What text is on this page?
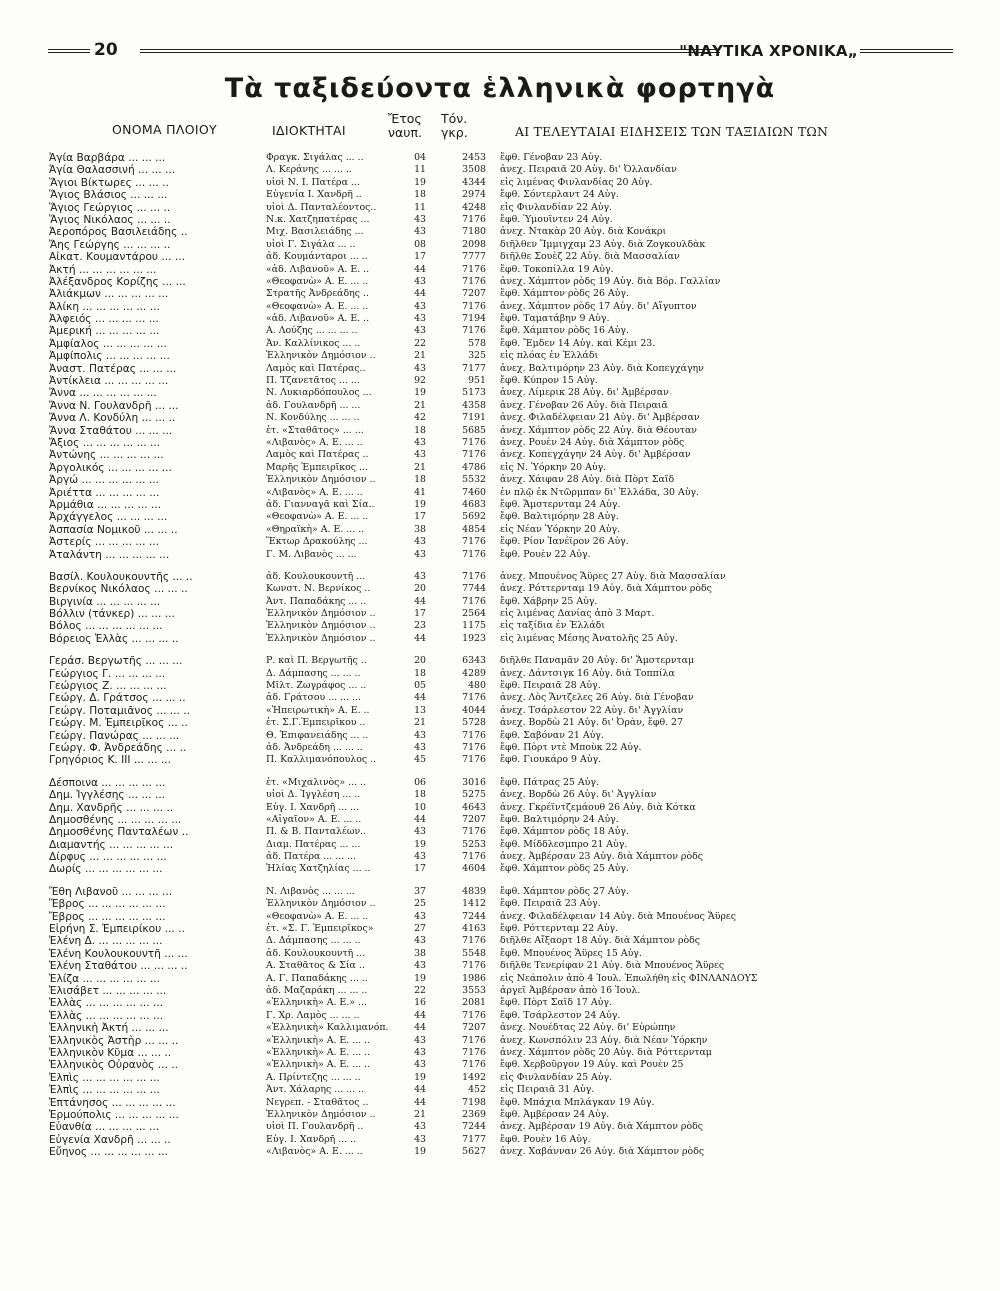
20	"ΝΑΥΤΙΚΑ ΧΡΟΝΙΚΑ„
Τὰ ταξιδεύοντα ἑλληνικὰ φορτηγὰ
ΟΝΟΜΑ ΠΛΟΙΟΥ	ΙΔΙΟΚΤΗΤΑΙ
Ἔτος
ναυπ.
Τόν.
γκρ.	ΑΙ ΤΕΛΕΥΤΑΙΑΙ ΕΙΔΗΣΕΙΣ ΤΩΝ ΤΑΞΙΔΙΩΝ ΤΩΝ
Ἁγία Βαρβάρα ... ... ...	Φραγκ. Σιγάλας ... ..	04	2453 ἔφθ. Γένοβαν 23 Αὐγ.
Ἁγία Θαλασσινή ... ... ...	Λ. Κεράνης ... ... ..	11	3508 ἀνεχ. Πειραιᾶ 20 Αὐγ. δι' Ὀλλανδίαν
Ἅγιοι Βίκτωρες ... ... ..	υἱοὶ Ν. Ι. Πατέρα ...	19	4344 εἰς λιμένας Φινλανδίας 20 Αὐγ.
Ἅγιος Βλάσιος ... ... ...	Εὐγενία Ι. Χανδρῆ ..	18	2974 ἔφθ. Σόντερλαντ 24 Αὐγ.
Ἅγιος Γεώργιος ... ... ..	υἱοὶ Δ. Πανταλέοντος..	11	4248 εἰς Φινλανδίαν 22 Αὐγ.
Ἅγιος Νικόλαος ... ... ..	Ν.κ. Χατζηπατέρας ...	43	7176 ἔφθ. Ὑμουΐντεν 24 Αὐγ.
Ἀεροπόρος Βασιλειάδης ..	Μιχ. Βασιλειάδης ...	43	7180 ἀνεχ. Ντακὰρ 20 Αὐγ. διὰ Κονάκρι
Ἄης Γεώργης ... ... ... ..	υἱοὶ Γ. Σιγάλα ... ..	08	2098 διῆλθεν Ἴμμιγχαμ 23 Αὐγ. διὰ Ζογκουλδὰκ
Αἰκατ. Κουμαντάρου ... ...	ἀδ. Κουμάνταροι ... ..	17	7777 διῆλθε Σουὲζ 22 Αὐγ. διὰ Μασσαλίαν
Ἀκτή ... ... ... ... ... ...	«ἀδ. Λιβανοῦ» Α. Ε. ..	44	7176 ἔφθ. Τοκοπίλλα 19 Αὐγ.
Ἀλέξανδρος Κορίζης ... ...	«Θεοφανὼ» Α. Ε. ... ..	43	7176 ἀνεχ. Χάμπτον ρὸδς 19 Αὐγ. διὰ Βόρ. Γαλλίαν
Ἀλιάκμων ... ... ... ... ...	Στρατῆς Ἀνδρεάδης ..	44	7207 ἔφθ. Χάμπτον ρὸδς 26 Αὐγ.
Ἀλίκη ... ... ... ... ... ...	«Θεοφανὼ» Α. Ε. ... ..	43	7176 ἀνεχ. Χάμπτον ρὸδς 17 Αὐγ. δι' Αἴγυπτον
Ἀλφειός ... ... ... ... ...	«ἀδ. Λιβανοῦ» Α. Ε. ..	43	7194 ἔφθ. Ταματάβην 9 Αὐγ.
Ἀμερική ... ... ... ... ...	Α. Λούζης ... ... ... ..	43	7176 ἔφθ. Χάμπτον ρὸδς 16 Αὐγ.
Ἀμφίαλος ... ... ... ... ...	Ἀν. Καλλίνικος ... ..	22	578 ἔφθ. Ἔμδεν 14 Αὐγ. καὶ Κέμι 23.
Ἀμφίπολις ... ... ... ... ...	Ἑλληνικὸν Δημόσιον ..	21	325 εἰς πλόας ἐν Ἑλλάδι
Ἀναστ. Πατέρας ... ... ...	Λαμὸς καὶ Πατέρας..	43	7177 ἀνεχ. Βαλτιμόρην 23 Αὐγ. διὰ Κοπεγχάγην
Ἀντίκλεια ... ... ... ... ...	Π. Τζανετᾶτος ... ...	92	951 ἔφθ. Κύπρον 15 Αὐγ.
Ἄννα ... ... ... ... ... ...	Ν. Λυκιαρδόπουλος ...	19	5173 ἀνεχ. Λίμερικ 28 Αὐγ. δι' Ἀμβέρσαν
Ἄννα Ν. Γουλανδρῆ ... ...	ἀδ. Γουλανδρῆ ... ...	21	4358 ἀνεχ. Γένοβαν 26 Αὐγ. διὰ Πειραιᾶ
Ἄννα Λ. Κονδύλη ... ... ..	Ν. Κονδύλης ... ... ..	42	7191 ἀνεχ. Φιλαδέλφειαν 21 Αὐγ. δι' Ἀμβέρσαν
Ἄννα Σταθάτου ... ... ...	ἑτ. «Σταθᾶτος» ... ...	18	5685 ἀνεχ. Χάμπτον ρὸδς 22 Αὐγ. διὰ Θέουταν
Ἄξιος ... ... ... ... ... ...	«Λιβανὸς» Α. Ε. ... ..	43	7176 ἀνεχ. Ρουὲν 24 Αὐγ. διὰ Χάμπτον ρὸδς
Ἀντώνης ... ... ... ... ...	Λαμὸς καὶ Πατέρας ..	43	7176 ἀνεχ. Κοπεγχάγην 24 Αὐγ. δι' Ἀμβέρσαν
Ἀργολικός ... ... ... ... ...	Μαρῆς Ἐμπειρῖκος ...	21	4786 εἰς Ν. Ὑόρκην 20 Αὐγ.
Ἀργώ ... ... ... ... ... ...	Ἑλληνικὸν Δημόσιον ..	18	5532 ἀνεχ. Χάιφαν 28 Αὐγ. διὰ Πὸρτ Σαΐδ
Ἀριέττα ... ... ... ... ...	«Λιβανὸς» Α. Ε. ... ..	41	7460 ἐν πλῷ ἐκ Ντῶρμπαν δι' Ἑλλάδα, 30 Αὐγ.
Ἀρμάθια ... ... ... ... ...	ἀδ. Γιανναγᾶ καὶ Σία..	19	4683 ἔφθ. Ἄμστερνταμ 24 Αὐγ.
Ἀρχάγγελος ... ... ... ...	«Θεοφανὼ» Α. Ε. ... ..	17	5692 ἔφθ. Βαλτιμόρην 28 Αὐγ.
Ἀσπασία Νομικοῦ ... ... ..	«Θηραϊκὴ» Α. Ε. ... ..	38	4854 εἰς Νέαν Ὑόρκην 20 Αὐγ.
Ἀστερίς ... ... ... ... ...	Ἕκτωρ Δρακούλης ...	43	7176 ἔφθ. Ρίον Ἰανέϊρον 26 Αὐγ.
Ἀταλάντη ... ... ... ... ...	Γ. Μ. Λιβανὸς ... ...	43	7176 ἔφθ. Ρουὲν 22 Αὐγ.
Βασίλ. Κουλουκουντῆς ... ..	ἀδ. Κουλουκουντῆ ...	43	7176 ἀνεχ. Μπουένος Ἄϋρες 27 Αὐγ. διὰ Μασσαλίαν
Βερνίκος Νικόλαος ... ... ..	Κωνστ. Ν. Βερνίκος ..	20	7744 ἀνεχ. Ρόττερνταμ 19 Αὐγ. διὰ Χάμπτον ρὸδς
Βιργινία ... ... ... ... ...	Ἀντ. Παπαδάκης ... ..	44	7176 ἔφθ. Χάβρην 25 Αὐγ.
Βόλλιν (τάνκερ) ... ... ...	Ἑλληνικὸν Δημόσιον ..	17	2564 εἰς λιμένας Δανίας ἀπὸ 3 Μαρτ.
Βόλος ... ... ... ... ... ...	Ἑλληνικὸν Δημόσιον ..	23	1175 εἰς ταξίδια ἐν Ἑλλάδι
Βόρειος Ἑλλὰς ... ... ... ..	Ἑλληνικὸν Δημόσιον ..	44	1923 εἰς λιμένας Μέσης Ἀνατολῆς 25 Αὐγ.
Γεράσ. Βεργωτῆς ... ... ...	Ρ. καὶ Π. Βεργωτῆς ..	20	6343 διῆλθε Παναμᾶν 20 Αὐγ. δι' Ἄμστερνταμ
Γεώργιος Γ. ... ... ... ...	Δ. Δάμπασης ... ... ..	18	4289 ἀνεχ. Δάντσιγκ 16 Αὐγ. διὰ Τοππίλα
Γεώργιος Ζ. ... ... ... ...	Μῖλτ. Ζωγράφος ... ..	05	480 ἔφθ. Πειραιᾶ 28 Αὐγ.
Γεώργ. Δ. Γράτσος ... ... ..	ἀδ. Γράτσου ... ... ...	44	7176 ἀνεχ. Λὸς Ἄντζελες 26 Αὐγ. διὰ Γένοβαν
Γεώργ. Ποταμιᾶνος ... ... ..	«Ἠπειρωτικὴ» Α. Ε. ..	13	4044 ἀνεχ. Τσάρλεστον 22 Αὐγ. δι' Ἀγγλίαν
Γεώργ. Μ. Ἐμπειρῖκος ... ..	ἑτ. Σ.Γ.Ἐμπειρῖκου ..	21	5728 ἀνεχ. Βορδὼ 21 Αὐγ. δι' Ὀρὰν, ἔφθ. 27
Γεώργ. Πανώρας ... ... ...	Θ. Ἐπιφανειάδης ... ..	43	7176 ἔφθ. Σαβόναν 21 Αὐγ.
Γεώργ. Φ. Ἀνδρεάδης ... ..	ἀδ. Ἀνδρεάδη ... ... ..	43	7176 ἔφθ. Πὸρτ ντὲ Μποὺκ 22 Αὐγ.
Γρηγόριος Κ. ΙΙΙ ... ... ...	Π. Καλλιμανόπουλος ..	45	7176 ἔφθ. Γιουκάρο 9 Αὐγ.
Δέσποινα ... ... ... ... ...	ἑτ. «Μιχαλινὸς» ... ..	06	3016 ἔφθ. Πάτρας 25 Αὐγ.
Δημ. Ἰγγλέσης ... ... ...	υἱοὶ Δ. Ἰγγλέση ... ..	18	5275 ἀνεχ. Βορδὼ 26 Αὐγ. δι' Ἀγγλίαν
Δημ. Χανδρῆς ... ... ... ..	Εὐγ. Ι. Χανδρῆ ... ...	10	4643 ἀνεχ. Γκρέϊντζεμάουθ 26 Αὐγ. διὰ Κότκα
Δημοσθένης ... ... ... ... ...	«Αἰγαῖον» Α. Ε. ... ..	44	7207 ἔφθ. Βαλτιμόρην 24 Αὐγ.
Δημοσθένης Πανταλέων ..	Π. & Β. Πανταλέων..	43	7176 ἔφθ. Χάμπτον ρὸδς 18 Αὐγ.
Διαμαντής ... ... ... ... ...	Διαμ. Πατέρας ... ...	19	5253 ἔφθ. Μίδδλεσμπρο 21 Αὐγ.
Δίρφυς ... ... ... ... ... ...	ἀδ. Πατέρα ... ... ...	43	7176 ἀνεχ. Ἀμβέρσαν 23 Αὐγ. διὰ Χάμπτον ρὸδς
Δωρίς ... ... ... ... ... ...	Ἠλίας Χατζηλίας ... ..	17	4604 ἔφθ. Χάμπτον ρὸδς 25 Αὐγ.
Ἔθη Λιβανοῦ ... ... ... ...	Ν. Λιβανὸς ... ... ...	37	4839 ἔφθ. Χάμπτον ρὸδς 27 Αὐγ.
Ἔβρος ... ... ... ... ... ...	Ἑλληνικὸν Δημόσιον ..	25	1412 ἔφθ. Πειραιᾶ 23 Αὐγ.
Ἔβρος ... ... ... ... ... ...	«Θεοφανὼ» Α. Ε. ... ..	43	7244 ἀνεχ. Φιλαδέλφειαν 14 Αὐγ. διὰ Μπουένος Ἄϋρες
Εἰρήνη Σ. Ἐμπειρίκου ... ..	ἑτ. «Σ. Γ. Ἐμπειρῖκος»	27	4163 ἔφθ. Ρόττερνταμ 22 Αὐγ.
Ἑλένη Δ. ... ... ... ... ...	Δ. Δάμπασης ... ... ..	43	7176 διῆλθε Αἴξαορτ 18 Αὐγ. διὰ Χάμπτον ρὸδς
Ἑλένη Κουλουκουντῆ ... ...	ἀδ. Κουλουκουντῆ ...	38	5548 ἔφθ. Μπουένος Ἄϋρες 15 Αὐγ.
Ἑλένη Σταθάτου ... ... ... ..	Α. Σταθᾶτος & Σία ..	43	7176 διῆλθε Τενερίφαν 21 Αὐγ. διὰ Μπουένος Ἄϋρες
Ἑλίζα ... ... ... ... ... ...	Α. Γ. Παπαδάκης ... ..	19	1986 εἰς Νεάπολιν ἀπὸ 4 Ἰουλ. Ἐπωλήθη εἰς ΦΙΝΛΑΝΔΟΥΣ
Ἑλισάβετ ... ... ... ... ...	ἀδ. Μαζαράκη ... ... ..	22	3553 ἀργεῖ Ἀμβέρσαν ἀπὸ 16 Ἰουλ.
Ἑλλὰς ... ... ... ... ... ...	«Ἑλληνικὴ» Α. Ε.» ...	16	2081 ἔφθ. Πὸρτ Σαΐδ 17 Αὐγ.
Ἑλλὰς ... ... ... ... ... ...	Γ. Χρ. Λαμὸς ... ... ..	44	7176 ἔφθ. Τσάρλεστον 24 Αὐγ.
Ἑλληνικὴ Ἀκτή ... ... ...	«Ἑλληνικὴ» Καλλιμανόπ.	44	7207 ἀνεχ. Νουέδτας 22 Αὐγ. δι' Εὐρώπην
Ἑλληνικὸς Ἀστὴρ ... ... ..	«Ἑλληνικὴ» Α. Ε. ... ..	43	7176 ἀνεχ. Κωνσπόλιν 23 Αὐγ. διὰ Νέαν Ὑόρκην
Ἑλληνικὸν Κῦμα ... ... ..	«Ἑλληνικὴ» Α. Ε. ... ..	43	7176 ἀνεχ. Χάμπτον ρὸδς 20 Αὐγ. διὰ Ρόττερνταμ
Ἑλληνικὸς Οὐρανὸς ... ..	«Ἑλληνικὴ» Α. Ε. ... ..	43	7176 ἔφθ. Χερβοῦργον 19 Αὐγ. καὶ Ρουὲν 25
Ἐλπὶς ... ... ... ... ... ...	Α. Πρίντεζης ... ... ..	19	1492 εἰς Φινλανδίαν 25 Αὐγ.
Ἐλπὶς ... ... ... ... ... ...	Ἀντ. Χάλαρης ... ... ..	44	452 εἰς Πειραιᾶ 31 Αὐγ.
Ἑπτάνησος ... ... ... ... ...	Νεγρεπ. - Σταθᾶτος ..	44	7198 ἔφθ. Μπάχια Μπλάγκαν 19 Αὐγ.
Ἑρμούπολις ... ... ... ... ...	Ἑλληνικὸν Δημόσιον ..	21	2369 ἔφθ. Ἀμβέρσαν 24 Αὐγ.
Εὐανθία ... ... ... ... ...	υἱοὶ Π. Γουλανδρῆ ..	43	7244 ἀνεχ. Ἀμβέρσαν 19 Αὐγ. διὰ Χάμπτον ρὸδς
Εὐγενία Χανδρῆ ... ... ..	Εὐγ. Ι. Χανδρῆ ... ..	43	7177 ἔφθ. Ρουὲν 16 Αὐγ.
Εὔηνος ... ... ... ... ... ...	«Λιβανὸς» Α. Ε. ... ..	19	5627 ἀνεχ. Χαβάνναν 26 Αὐγ. διὰ Χάμπτον ρὸδς
